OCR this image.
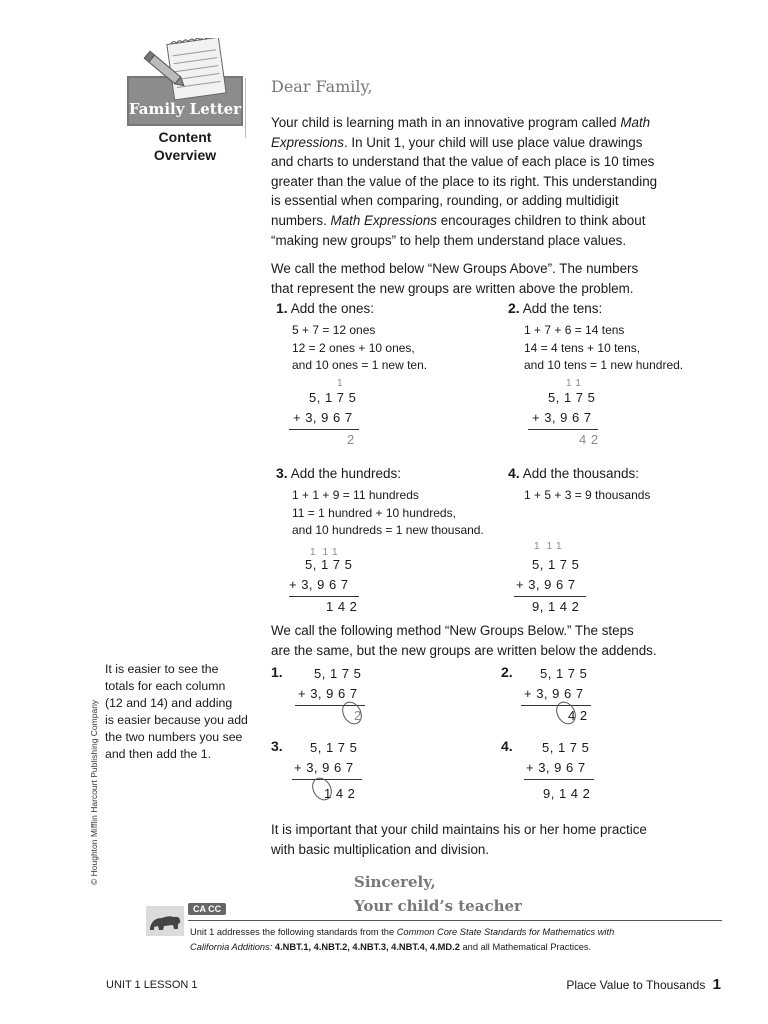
Family Letter
Content
Overview
Dear Family,
Your child is learning math in an innovative program called Math
Expressions. In Unit 1, your child will use place value drawings
and charts to understand that the value of each place is 10 times
greater than the value of the place to its right. This understanding
is essential when comparing, rounding, or adding multidigit
numbers. Math Expressions encourages children to think about
“making new groups” to help them understand place values.
We call the method below “New Groups Above”. The numbers
that represent the new groups are written above the problem.
1. Add the ones:
5 + 7 = 12 ones
12 = 2 ones + 10 ones,
and 10 ones = 1 new ten.
1
5, 1 7 5
+ 3, 9 6 7
2
2. Add the tens:
1 + 7 + 6 = 14 tens
14 = 4 tens + 10 tens,
and 10 tens = 1 new hundred.
1 1
5, 1 7 5
+ 3, 9 6 7
4 2
3. Add the hundreds:
1 + 1 + 9 = 11 hundreds
11 = 1 hundred + 10 hundreds,
and 10 hundreds = 1 new thousand.
1  1 1
5, 1 7 5
+ 3, 9 6 7
1 4 2
4. Add the thousands:
1 + 5 + 3 = 9 thousands
1  1 1
5, 1 7 5
+ 3, 9 6 7
9, 1 4 2
We call the following method “New Groups Below.” The steps
are the same, but the new groups are written below the addends.
It is easier to see the
totals for each column
(12 and 14) and adding
is easier because you add
the two numbers you see
and then add the 1.
© Houghton Mifflin Harcourt Publishing Company
1. 5, 1 7 5
+ 3, 9 6 7
2
2. 5, 1 7 5
+ 3, 9 6 7
4 2
3. 5, 1 7 5
+ 3, 9 6 7
1 4 2
4. 5, 1 7 5
+ 3, 9 6 7
9, 1 4 2
It is important that your child maintains his or her home practice
with basic multiplication and division.
Sincerely,
Your child’s teacher
CA CC
Unit 1 addresses the following standards from the Common Core State Standards for Mathematics with
California Additions: 4.NBT.1, 4.NBT.2, 4.NBT.3, 4.NBT.4, 4.MD.2 and all Mathematical Practices.
UNIT 1 LESSON 1	Place Value to Thousands 1
